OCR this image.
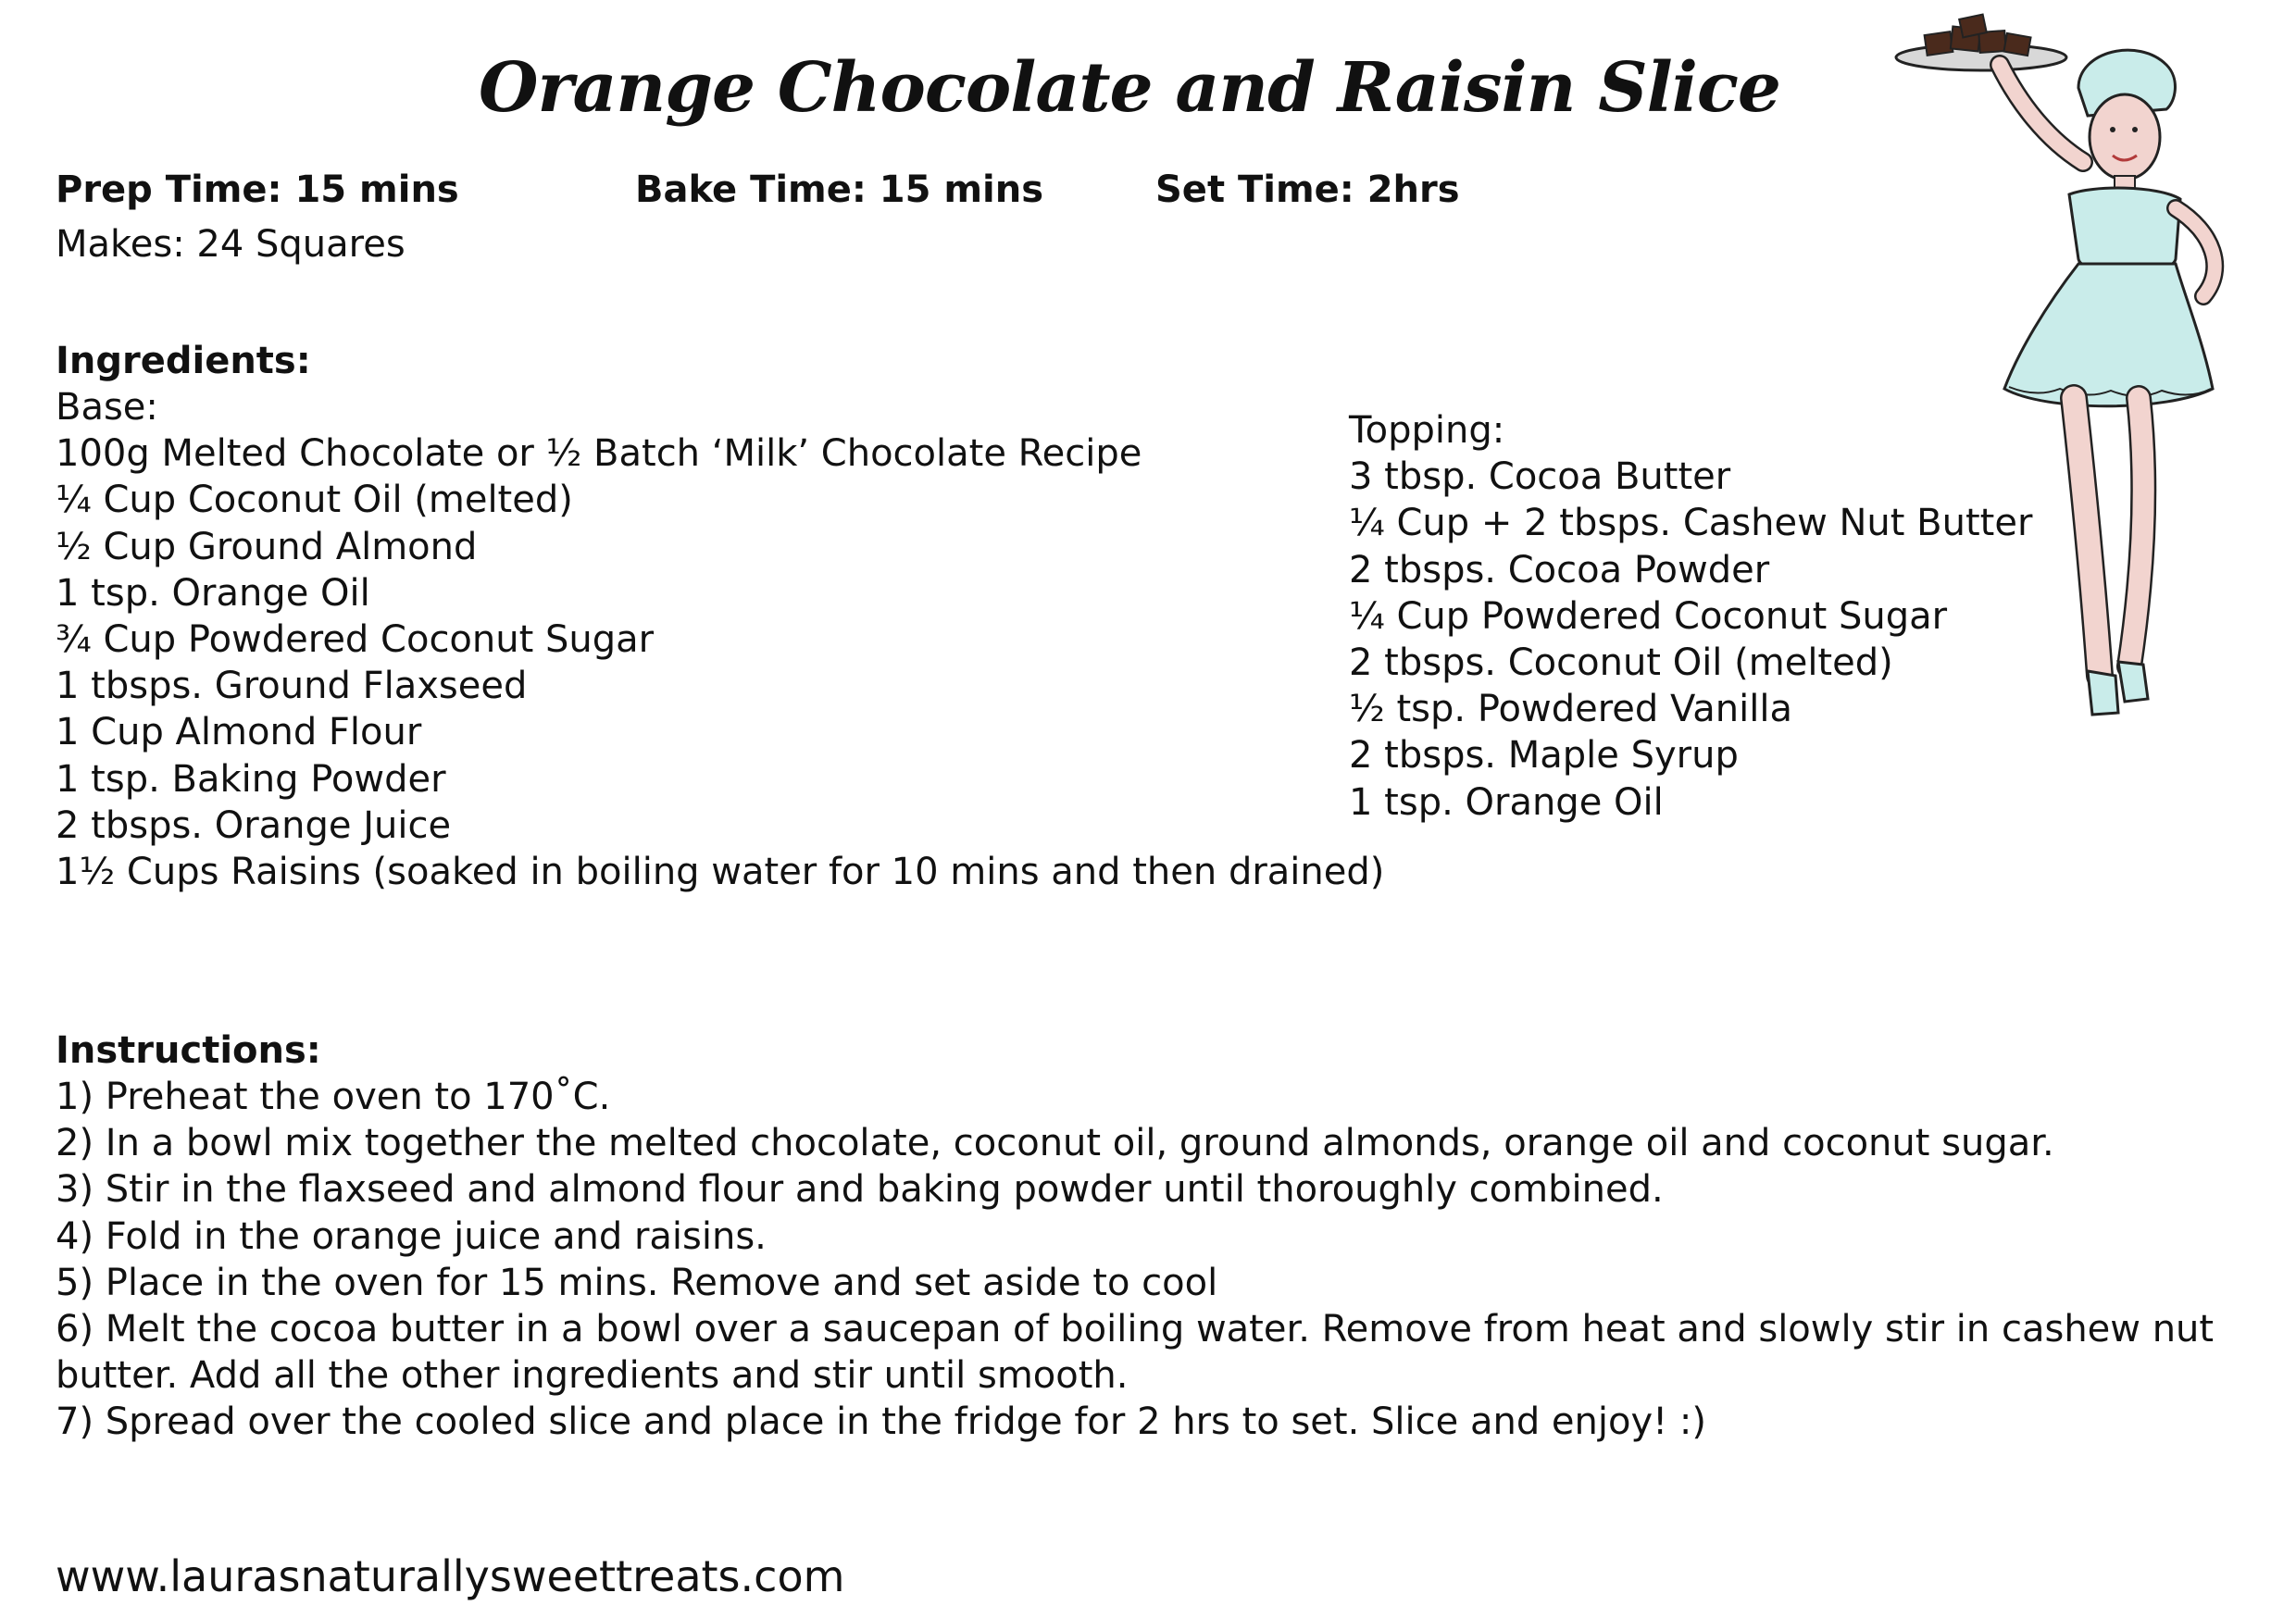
Orange Chocolate and Raisin Slice
Prep Time: 15 mins	Bake Time: 15 mins	Set Time: 2hrs
Makes: 24 Squares

Ingredients:

Base:

100g Melted Chocolate or ½ Batch ‘Milk’ Chocolate Recipe

¼ Cup Coconut Oil (melted)

½ Cup Ground Almond

1 tsp. Orange Oil

¾ Cup Powdered Coconut Sugar

1 tbsps. Ground Flaxseed

1 Cup Almond Flour

1 tsp. Baking Powder

2 tbsps. Orange Juice

1½ Cups Raisins (soaked in boiling water for 10 mins and then drained)

Topping:

3 tbsp. Cocoa Butter

¼ Cup + 2 tbsps. Cashew Nut Butter

2 tbsps. Cocoa Powder

¼ Cup Powdered Coconut Sugar

2 tbsps. Coconut Oil (melted)

½ tsp. Powdered Vanilla

2 tbsps. Maple Syrup

1 tsp. Orange Oil

Instructions:

1) Preheat the oven to 170˚C.

2) In a bowl mix together the melted chocolate, coconut oil, ground almonds, orange oil and coconut sugar.

3) Stir in the flaxseed and almond flour and baking powder until thoroughly combined.

4) Fold in the orange juice and raisins.

5) Place in the oven for 15 mins. Remove and set aside to cool

6) Melt the cocoa butter in a bowl over a saucepan of boiling water. Remove from heat and slowly stir in cashew nut butter. Add all the other ingredients and stir until smooth.

7) Spread over the cooled slice and place in the fridge for 2 hrs to set. Slice and enjoy! :)

www.laurasnaturallysweettreats.com
